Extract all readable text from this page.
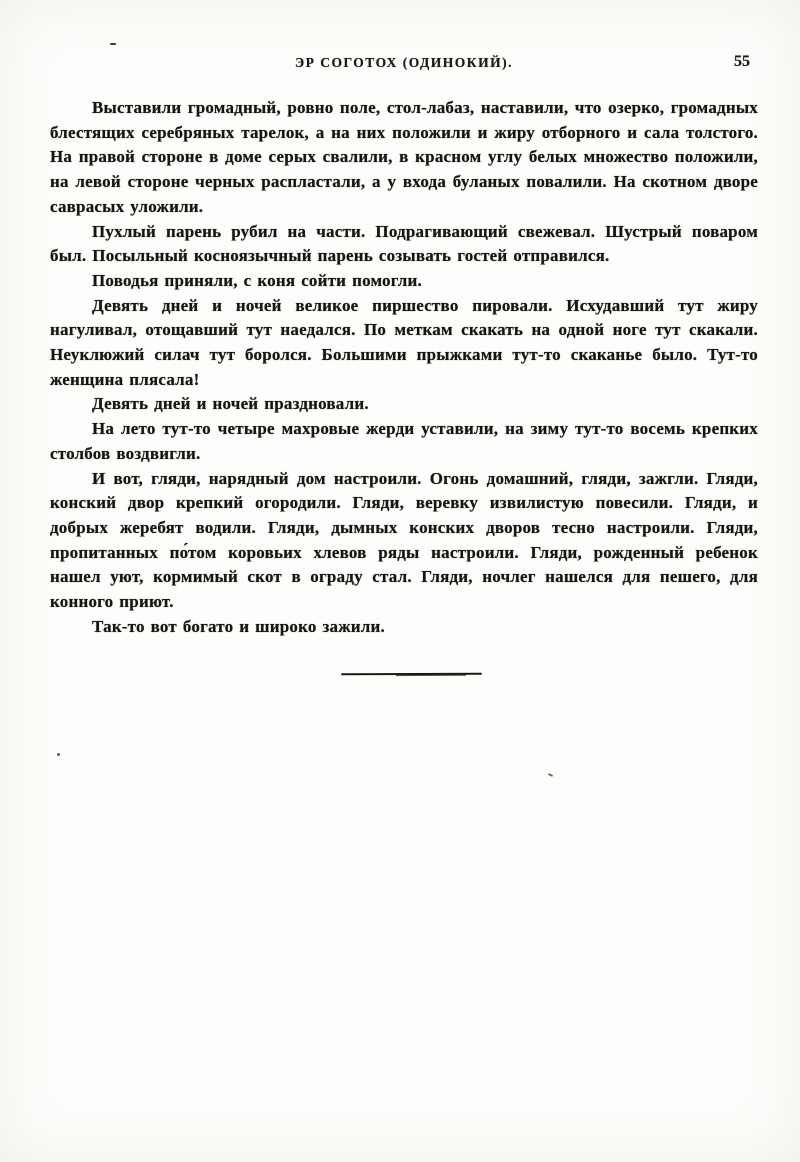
ЭР СОГОТОХ (ОДИНОКИЙ).	55

Выставили громадный, ровно поле, стол-лабаз, наставили, что озерко, громадных блестящих серебряных тарелок, а на них положили и жиру отборного и сала толстого. На правой стороне в доме серых свалили, в красном углу белых множество положили, на левой стороне черных распластали, а у входа буланых повалили. На скотном дворе саврасых уложили.

Пухлый парень рубил на части. Подрагивающий свежевал. Шустрый поваром был. Посыльный косноязычный парень созывать гостей отправился.

Поводья приняли, с коня сойти помогли.

Девять дней и ночей великое пиршество пировали. Исхудавший тут жиру нагуливал, отощавший тут наедался. По меткам скакать на одной ноге тут скакали. Неуклюжий силач тут боролся. Большими прыжками тут-то скаканье было. Тут-то женщина плясала!

Девять дней и ночей праздновали.

На лето тут-то четыре махровые жерди уставили, на зиму тут-то восемь крепких столбов воздвигли.

И вот, гляди, нарядный дом настроили. Огонь домашний, гляди, зажгли. Гляди, конский двор крепкий огородили. Гляди, веревку извилистую повесили. Гляди, и добрых жеребят водили. Гляди, дымных конских дворов тесно настроили. Гляди, пропитанных по́том коровьих хлевов ряды настроили. Гляди, рожденный ребенок нашел уют, кормимый скот в ограду стал. Гляди, ночлег нашелся для пешего, для конного приют.

Так-то вот богато и широко зажили.
